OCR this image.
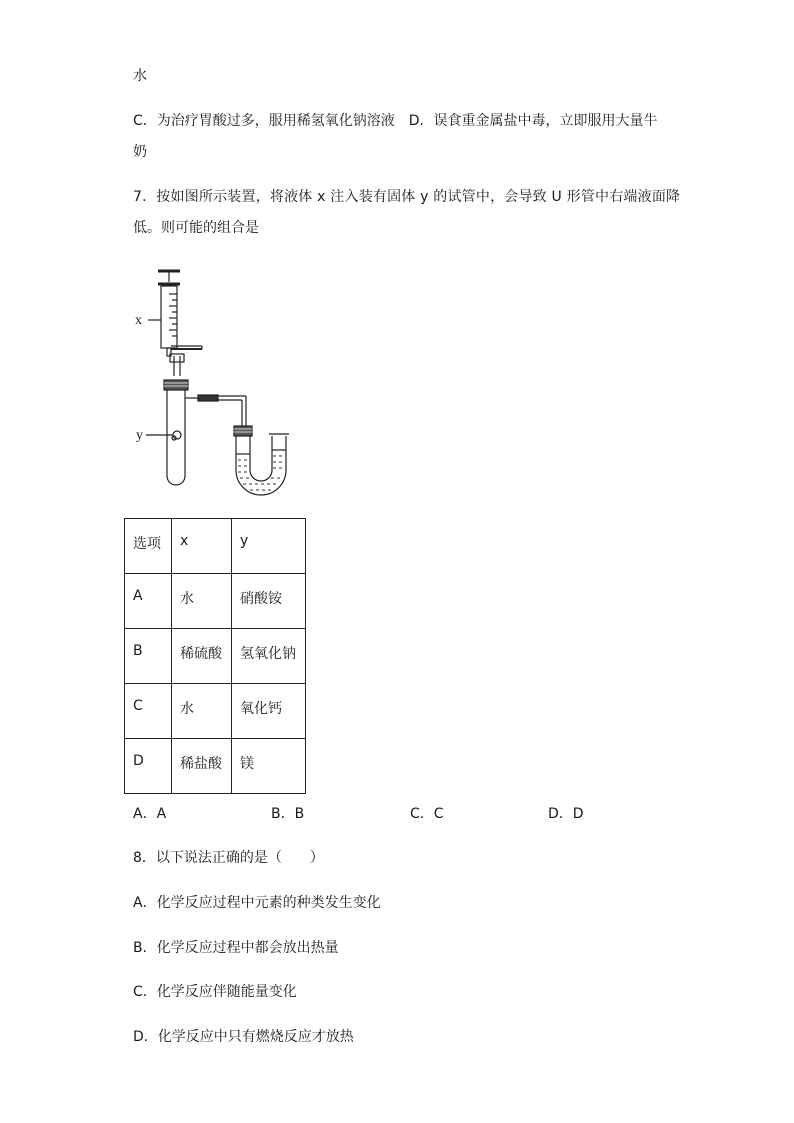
水
C．为治疗胃酸过多，服用稀氢氧化钠溶液 D．误食重金属盐中毒，立即服用大量牛
奶
7．按如图所示装置，将液体 x 注入装有固体 y 的试管中，会导致 U 形管中右端液面降
低。则可能的组合是
x
y
选项	x	y
A	水	硝酸铵
B	稀硫酸	氢氧化钠
C	水	氧化钙
D	稀盐酸	镁
A．A	B．B	C．C	D．D
8．以下说法正确的是（　　）
A．化学反应过程中元素的种类发生变化
B．化学反应过程中都会放出热量
C．化学反应伴随能量变化
D．化学反应中只有燃烧反应才放热
